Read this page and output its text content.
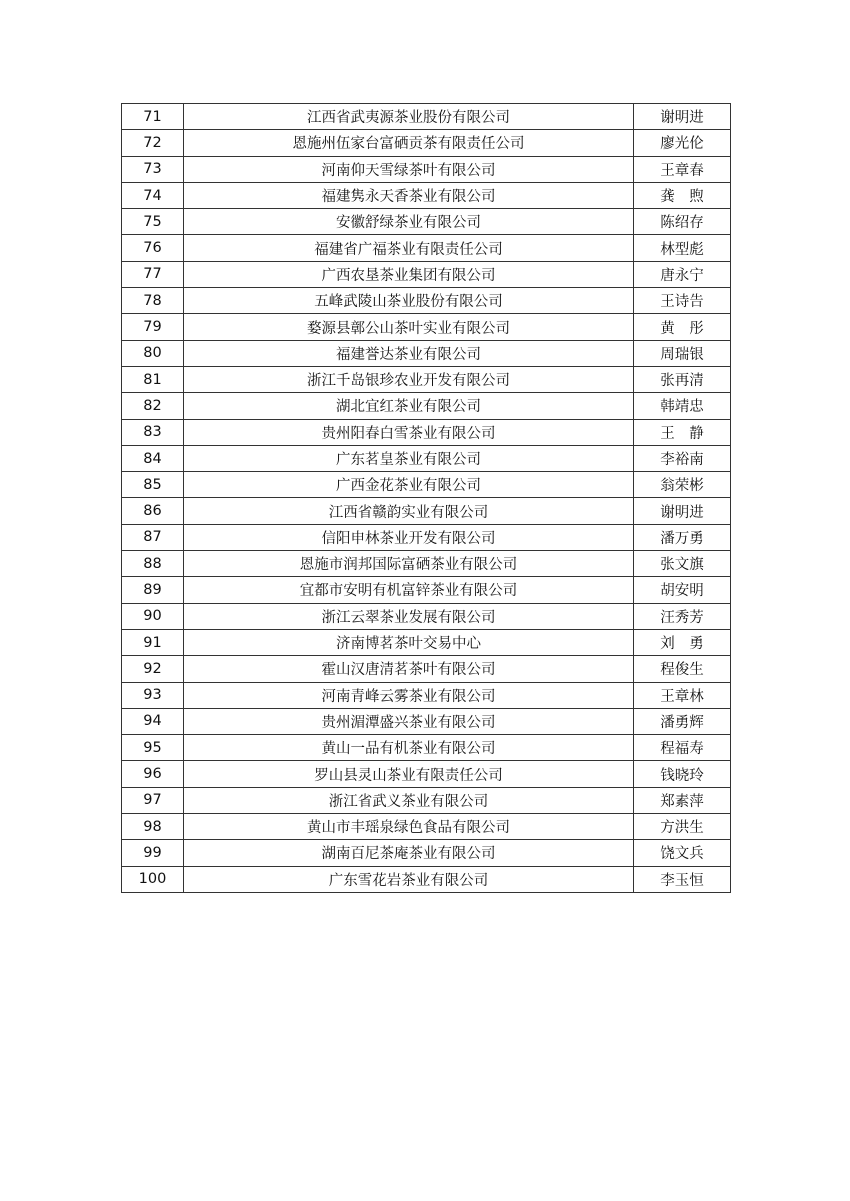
71	江西省武夷源茶业股份有限公司	谢明进
72	恩施州伍家台富硒贡茶有限责任公司	廖光伦
73	河南仰天雪绿茶叶有限公司	王章春
74	福建隽永天香茶业有限公司	龚　煦
75	安徽舒绿茶业有限公司	陈绍存
76	福建省广福茶业有限责任公司	林型彪
77	广西农垦茶业集团有限公司	唐永宁
78	五峰武陵山茶业股份有限公司	王诗告
79	婺源县鄣公山茶叶实业有限公司	黄　彤
80	福建誉达茶业有限公司	周瑞银
81	浙江千岛银珍农业开发有限公司	张再清
82	湖北宜红茶业有限公司	韩靖忠
83	贵州阳春白雪茶业有限公司	王　静
84	广东茗皇茶业有限公司	李裕南
85	广西金花茶业有限公司	翁荣彬
86	江西省赣韵实业有限公司	谢明进
87	信阳申林茶业开发有限公司	潘万勇
88	恩施市润邦国际富硒茶业有限公司	张文旗
89	宜都市安明有机富锌茶业有限公司	胡安明
90	浙江云翠茶业发展有限公司	汪秀芳
91	济南博茗茶叶交易中心	刘　勇
92	霍山汉唐清茗茶叶有限公司	程俊生
93	河南青峰云雾茶业有限公司	王章林
94	贵州湄潭盛兴茶业有限公司	潘勇辉
95	黄山一品有机茶业有限公司	程福寿
96	罗山县灵山茶业有限责任公司	钱晓玲
97	浙江省武义茶业有限公司	郑素萍
98	黄山市丰瑶泉绿色食品有限公司	方洪生
99	湖南百尼茶庵茶业有限公司	饶文兵
100	广东雪花岩茶业有限公司	李玉恒
